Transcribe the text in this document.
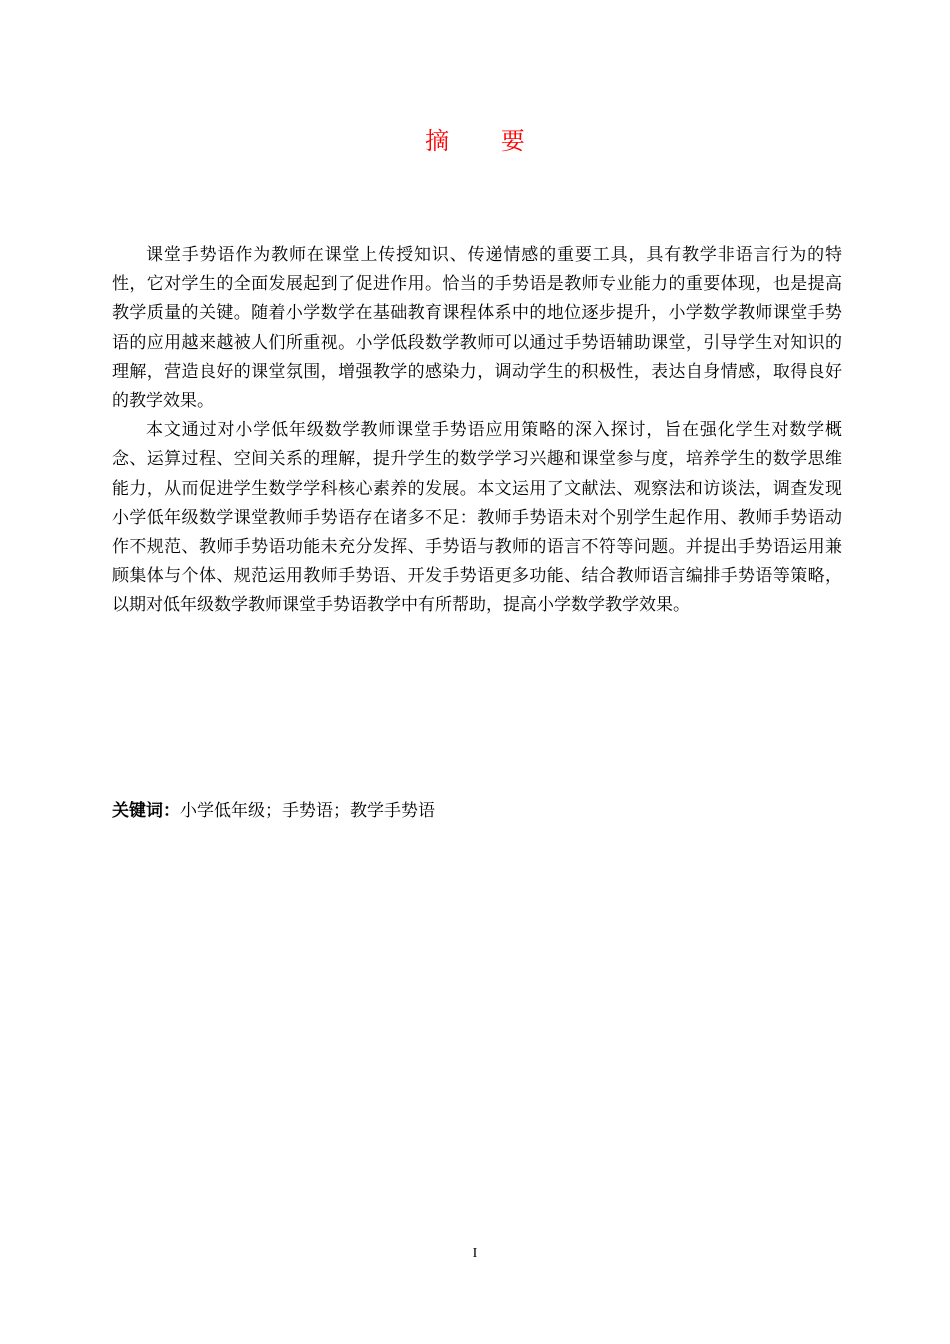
摘 要

课堂手势语作为教师在课堂上传授知识、传递情感的重要工具，具有教学非语言行为的特性，它对学生的全面发展起到了促进作用。恰当的手势语是教师专业能力的重要体现，也是提高教学质量的关键。随着小学数学在基础教育课程体系中的地位逐步提升，小学数学教师课堂手势语的应用越来越被人们所重视。小学低段数学教师可以通过手势语辅助课堂，引导学生对知识的理解，营造良好的课堂氛围，增强教学的感染力，调动学生的积极性，表达自身情感，取得良好的教学效果。

本文通过对小学低年级数学教师课堂手势语应用策略的深入探讨，旨在强化学生对数学概念、运算过程、空间关系的理解，提升学生的数学学习兴趣和课堂参与度，培养学生的数学思维能力，从而促进学生数学学科核心素养的发展。本文运用了文献法、观察法和访谈法，调查发现小学低年级数学课堂教师手势语存在诸多不足：教师手势语未对个别学生起作用、教师手势语动作不规范、教师手势语功能未充分发挥、手势语与教师的语言不符等问题。并提出手势语运用兼顾集体与个体、规范运用教师手势语、开发手势语更多功能、结合教师语言编排手势语等策略，以期对低年级数学教师课堂手势语教学中有所帮助，提高小学数学教学效果。

关键词：小学低年级；手势语；教学手势语
I
